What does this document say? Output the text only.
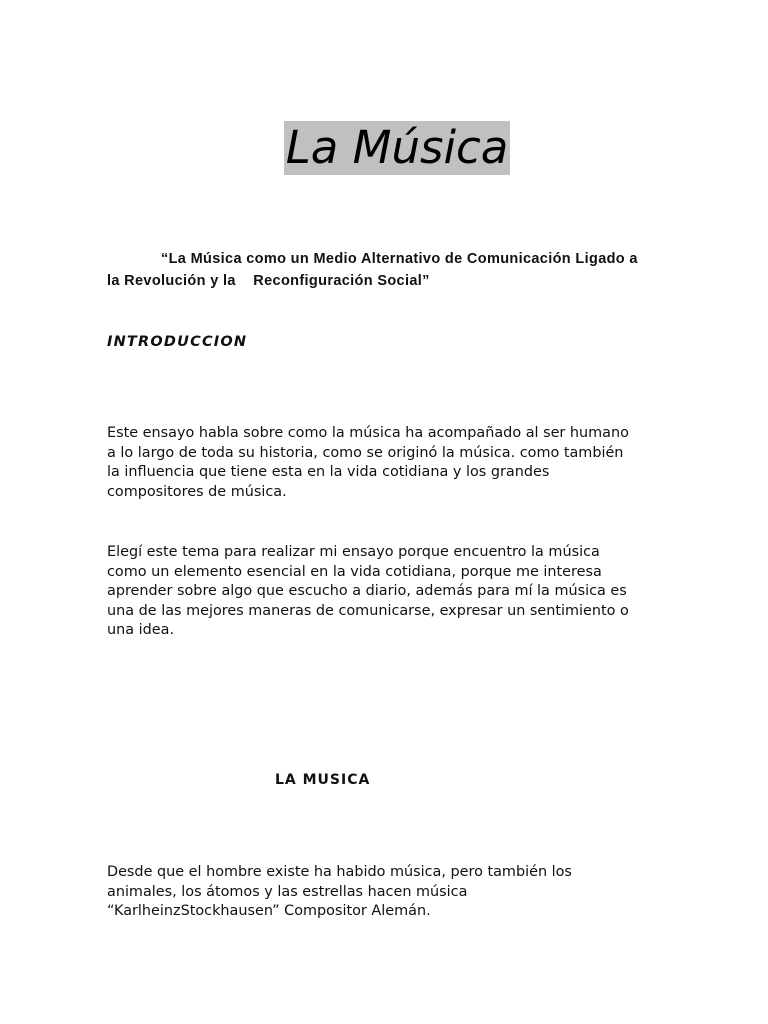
La Música

“La Música como un Medio Alternativo de Comunicación Ligado a
la Revolución y la    Reconfiguración Social”

INTRODUCCION

Este ensayo habla sobre como la música ha acompañado al ser humano
a lo largo de toda su historia, como se originó la música. como también
la influencia que tiene esta en la vida cotidiana y los grandes
compositores de música.

Elegí este tema para realizar mi ensayo porque encuentro la música
como un elemento esencial en la vida cotidiana, porque me interesa
aprender sobre algo que escucho a diario, además para mí la música es
una de las mejores maneras de comunicarse, expresar un sentimiento o
una idea.

LA MUSICA

Desde que el hombre existe ha habido música, pero también los
animales, los átomos y las estrellas hacen música
“KarlheinzStockhausen” Compositor Alemán.
